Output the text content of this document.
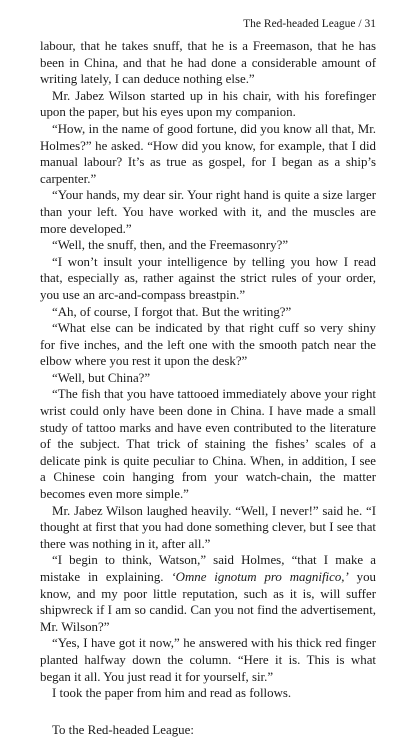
The Red-headed League / 31

labour, that he takes snuff, that he is a Freemason, that he has been in China, and that he had done a considerable amount of writing lately, I can deduce nothing else.”

Mr. Jabez Wilson started up in his chair, with his forefinger upon the paper, but his eyes upon my companion.

“How, in the name of good fortune, did you know all that, Mr. Holmes?” he asked. “How did you know, for example, that I did manual labour? It’s as true as gospel, for I began as a ship’s carpenter.”

“Your hands, my dear sir. Your right hand is quite a size larger than your left. You have worked with it, and the muscles are more developed.”

“Well, the snuff, then, and the Freemasonry?”

“I won’t insult your intelligence by telling you how I read that, especially as, rather against the strict rules of your order, you use an arc-and-compass breastpin.”

“Ah, of course, I forgot that. But the writing?”

“What else can be indicated by that right cuff so very shiny for five inches, and the left one with the smooth patch near the elbow where you rest it upon the desk?”

“Well, but China?”

“The fish that you have tattooed immediately above your right wrist could only have been done in China. I have made a small study of tattoo marks and have even contributed to the literature of the subject. That trick of staining the fishes’ scales of a delicate pink is quite peculiar to China. When, in addition, I see a Chinese coin hanging from your watch-chain, the matter becomes even more simple.”

Mr. Jabez Wilson laughed heavily. “Well, I never!” said he. “I thought at first that you had done something clever, but I see that there was nothing in it, after all.”

“I begin to think, Watson,” said Holmes, “that I make a mistake in explaining. ‘Omne ignotum pro magnifico,’ you know, and my poor little reputation, such as it is, will suffer shipwreck if I am so candid. Can you not find the advertisement, Mr. Wilson?”

“Yes, I have got it now,” he answered with his thick red finger planted halfway down the column. “Here it is. This is what began it all. You just read it for yourself, sir.”

I took the paper from him and read as follows.

To the Red-headed League:
